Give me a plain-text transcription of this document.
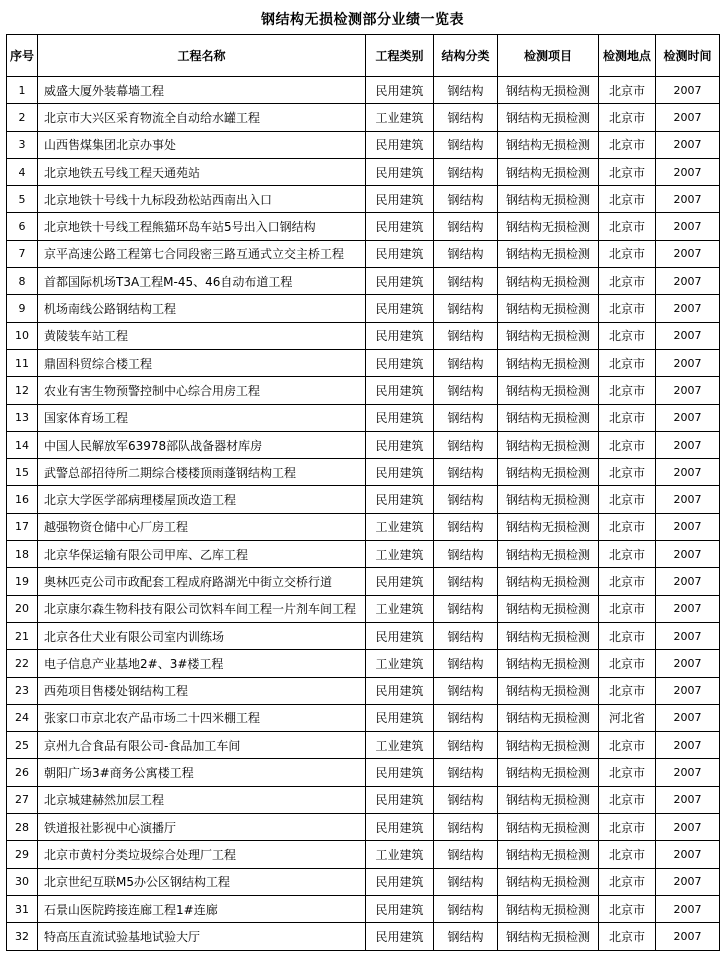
钢结构无损检测部分业绩一览表
序号	工程名称	工程类别	结构分类	检测项目	检测地点	检测时间
1	威盛大厦外装幕墙工程	民用建筑	钢结构	钢结构无损检测	北京市	2007
2	北京市大兴区采育物流全自动给水罐工程	工业建筑	钢结构	钢结构无损检测	北京市	2007
3	山西售煤集团北京办事处	民用建筑	钢结构	钢结构无损检测	北京市	2007
4	北京地铁五号线工程天通苑站	民用建筑	钢结构	钢结构无损检测	北京市	2007
5	北京地铁十号线十九标段劲松站西南出入口	民用建筑	钢结构	钢结构无损检测	北京市	2007
6	北京地铁十号线工程熊猫环岛车站5号出入口钢结构	民用建筑	钢结构	钢结构无损检测	北京市	2007
7	京平高速公路工程第七合同段密三路互通式立交主桥工程	民用建筑	钢结构	钢结构无损检测	北京市	2007
8	首都国际机场T3A工程M-45、46自动布道工程	民用建筑	钢结构	钢结构无损检测	北京市	2007
9	机场南线公路钢结构工程	民用建筑	钢结构	钢结构无损检测	北京市	2007
10	黄陵装车站工程	民用建筑	钢结构	钢结构无损检测	北京市	2007
11	鼎固科贸综合楼工程	民用建筑	钢结构	钢结构无损检测	北京市	2007
12	农业有害生物预警控制中心综合用房工程	民用建筑	钢结构	钢结构无损检测	北京市	2007
13	国家体育场工程	民用建筑	钢结构	钢结构无损检测	北京市	2007
14	中国人民解放军63978部队战备器材库房	民用建筑	钢结构	钢结构无损检测	北京市	2007
15	武警总部招待所二期综合楼楼顶雨蓬钢结构工程	民用建筑	钢结构	钢结构无损检测	北京市	2007
16	北京大学医学部病理楼屋顶改造工程	民用建筑	钢结构	钢结构无损检测	北京市	2007
17	越强物资仓储中心厂房工程	工业建筑	钢结构	钢结构无损检测	北京市	2007
18	北京华保运输有限公司甲库、乙库工程	工业建筑	钢结构	钢结构无损检测	北京市	2007
19	奥林匹克公司市政配套工程成府路湖光中街立交桥行道	民用建筑	钢结构	钢结构无损检测	北京市	2007
20	北京康尔森生物科技有限公司饮料车间工程一片剂车间工程	工业建筑	钢结构	钢结构无损检测	北京市	2007
21	北京各仕犬业有限公司室内训练场	民用建筑	钢结构	钢结构无损检测	北京市	2007
22	电子信息产业基地2#、3#楼工程	工业建筑	钢结构	钢结构无损检测	北京市	2007
23	西苑项目售楼处钢结构工程	民用建筑	钢结构	钢结构无损检测	北京市	2007
24	张家口市京北农产品市场二十四米棚工程	民用建筑	钢结构	钢结构无损检测	河北省	2007
25	京州九合食品有限公司-食品加工车间	工业建筑	钢结构	钢结构无损检测	北京市	2007
26	朝阳广场3#商务公寓楼工程	民用建筑	钢结构	钢结构无损检测	北京市	2007
27	北京城建赫然加层工程	民用建筑	钢结构	钢结构无损检测	北京市	2007
28	铁道报社影视中心演播厅	民用建筑	钢结构	钢结构无损检测	北京市	2007
29	北京市黄村分类垃圾综合处理厂工程	工业建筑	钢结构	钢结构无损检测	北京市	2007
30	北京世纪互联M5办公区钢结构工程	民用建筑	钢结构	钢结构无损检测	北京市	2007
31	石景山医院跨接连廊工程1#连廊	民用建筑	钢结构	钢结构无损检测	北京市	2007
32	特高压直流试验基地试验大厅	民用建筑	钢结构	钢结构无损检测	北京市	2007
